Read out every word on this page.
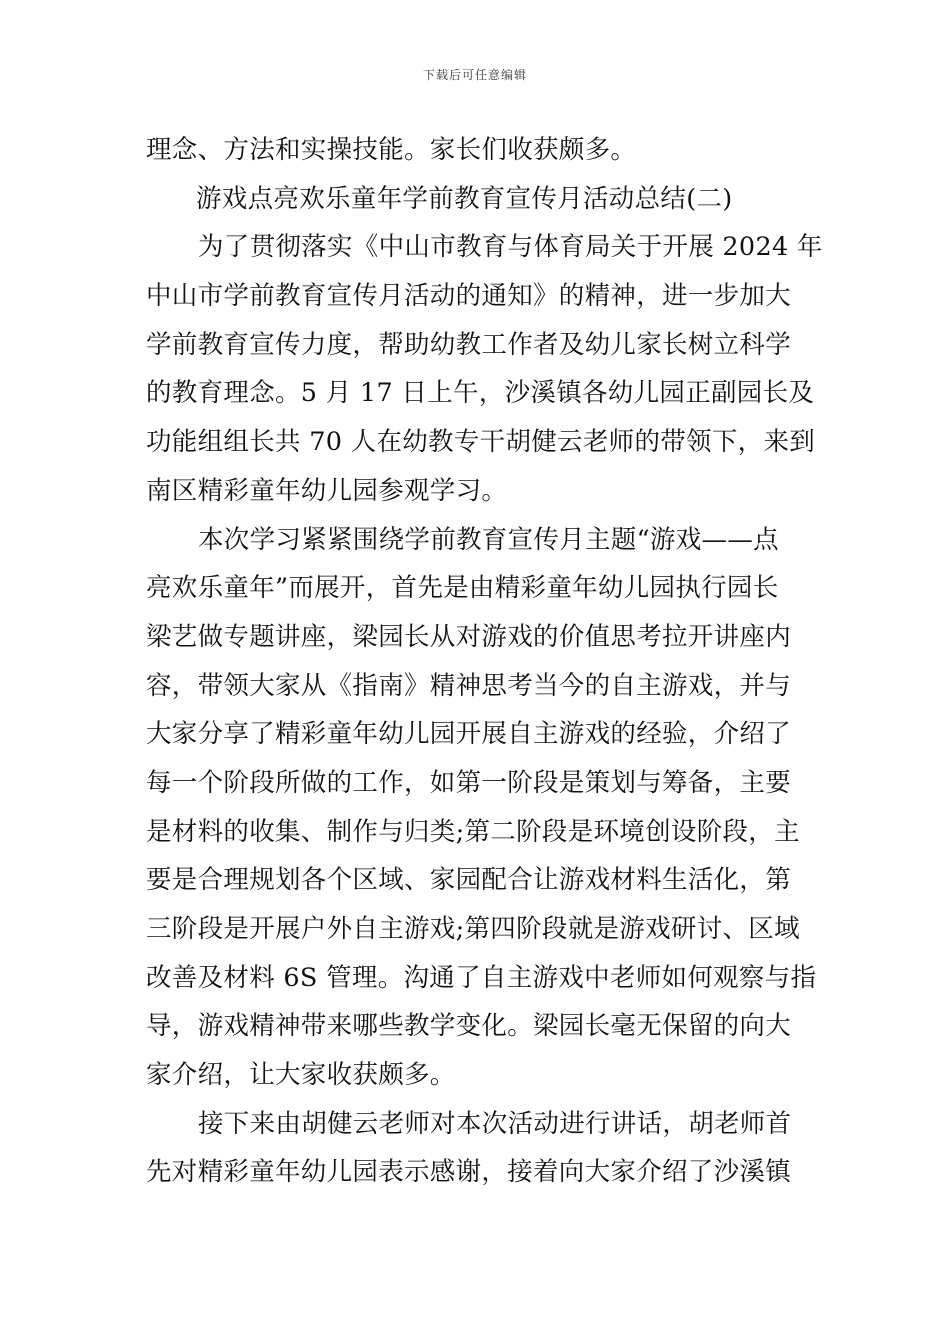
下载后可任意编辑
理念、方法和实操技能。家长们收获颇多。
游戏点亮欢乐童年学前教育宣传月活动总结(二)
为了贯彻落实《中山市教育与体育局关于开展 2024 年
中山市学前教育宣传月活动的通知》的精神，进一步加大
学前教育宣传力度，帮助幼教工作者及幼儿家长树立科学
的教育理念。5 月 17 日上午，沙溪镇各幼儿园正副园长及
功能组组长共 70 人在幼教专干胡健云老师的带领下，来到
南区精彩童年幼儿园参观学习。
本次学习紧紧围绕学前教育宣传月主题“游戏——点
亮欢乐童年”而展开，首先是由精彩童年幼儿园执行园长
梁艺做专题讲座，梁园长从对游戏的价值思考拉开讲座内
容，带领大家从《指南》精神思考当今的自主游戏，并与
大家分享了精彩童年幼儿园开展自主游戏的经验，介绍了
每一个阶段所做的工作，如第一阶段是策划与筹备，主要
是材料的收集、制作与归类;第二阶段是环境创设阶段，主
要是合理规划各个区域、家园配合让游戏材料生活化，第
三阶段是开展户外自主游戏;第四阶段就是游戏研讨、区域
改善及材料 6S 管理。沟通了自主游戏中老师如何观察与指
导，游戏精神带来哪些教学变化。梁园长毫无保留的向大
家介绍，让大家收获颇多。
接下来由胡健云老师对本次活动进行讲话，胡老师首
先对精彩童年幼儿园表示感谢，接着向大家介绍了沙溪镇
